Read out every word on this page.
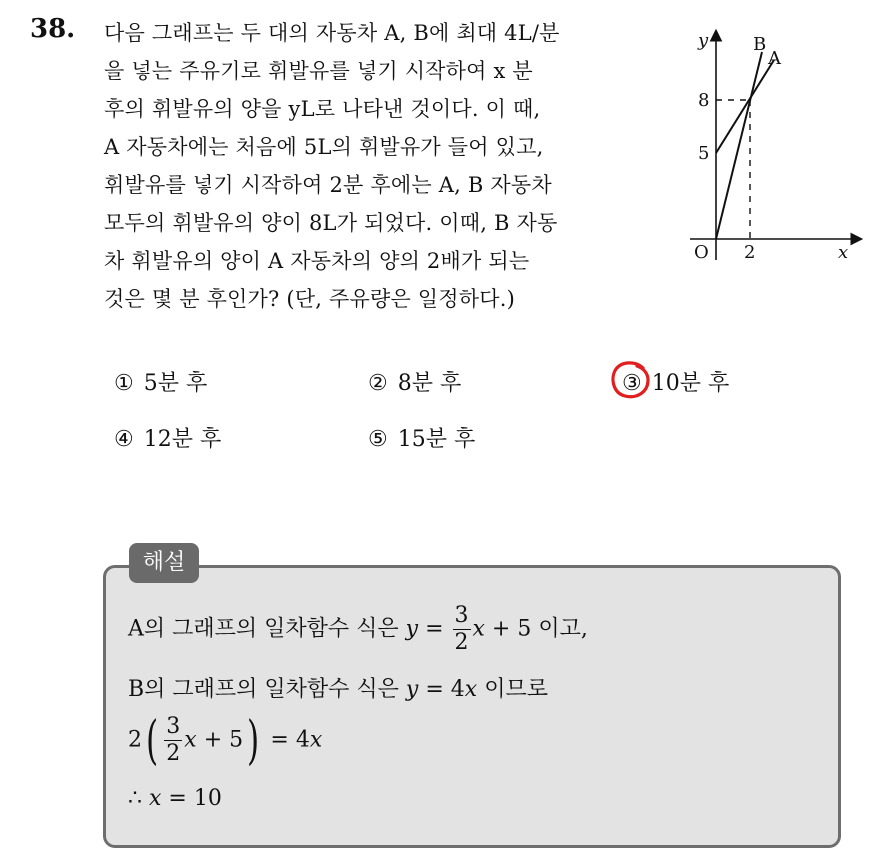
38. 다음 그래프는 두 대의 자동차 A, B에 최대 4L/분
을 넣는 주유기로 휘발유를 넣기 시작하여 x 분
후의 휘발유의 양을 yL로 나타낸 것이다. 이 때,
A 자동차에는 처음에 5L의 휘발유가 들어 있고,
휘발유를 넣기 시작하여 2분 후에는 A, B 자동차
모두의 휘발유의 양이 8L가 되었다. 이때, B 자동
차 휘발유의 양이 A 자동차의 양의 2배가 되는
것은 몇 분 후인가? (단, 주유량은 일정하다.)
y
x
O
8
5
2
A
B
① 5분 후	② 8분 후	③ 10분 후
④ 12분 후	⑤ 15분 후
해설
A의 그래프의 일차함수 식은 $y = \frac{3}{2}$ x + 5 이고,
B의 그래프의 일차함수 식은 y = 4x 이므로
$2( \frac{3}{2}$ x + 5) = 4x
∴ x = 10
